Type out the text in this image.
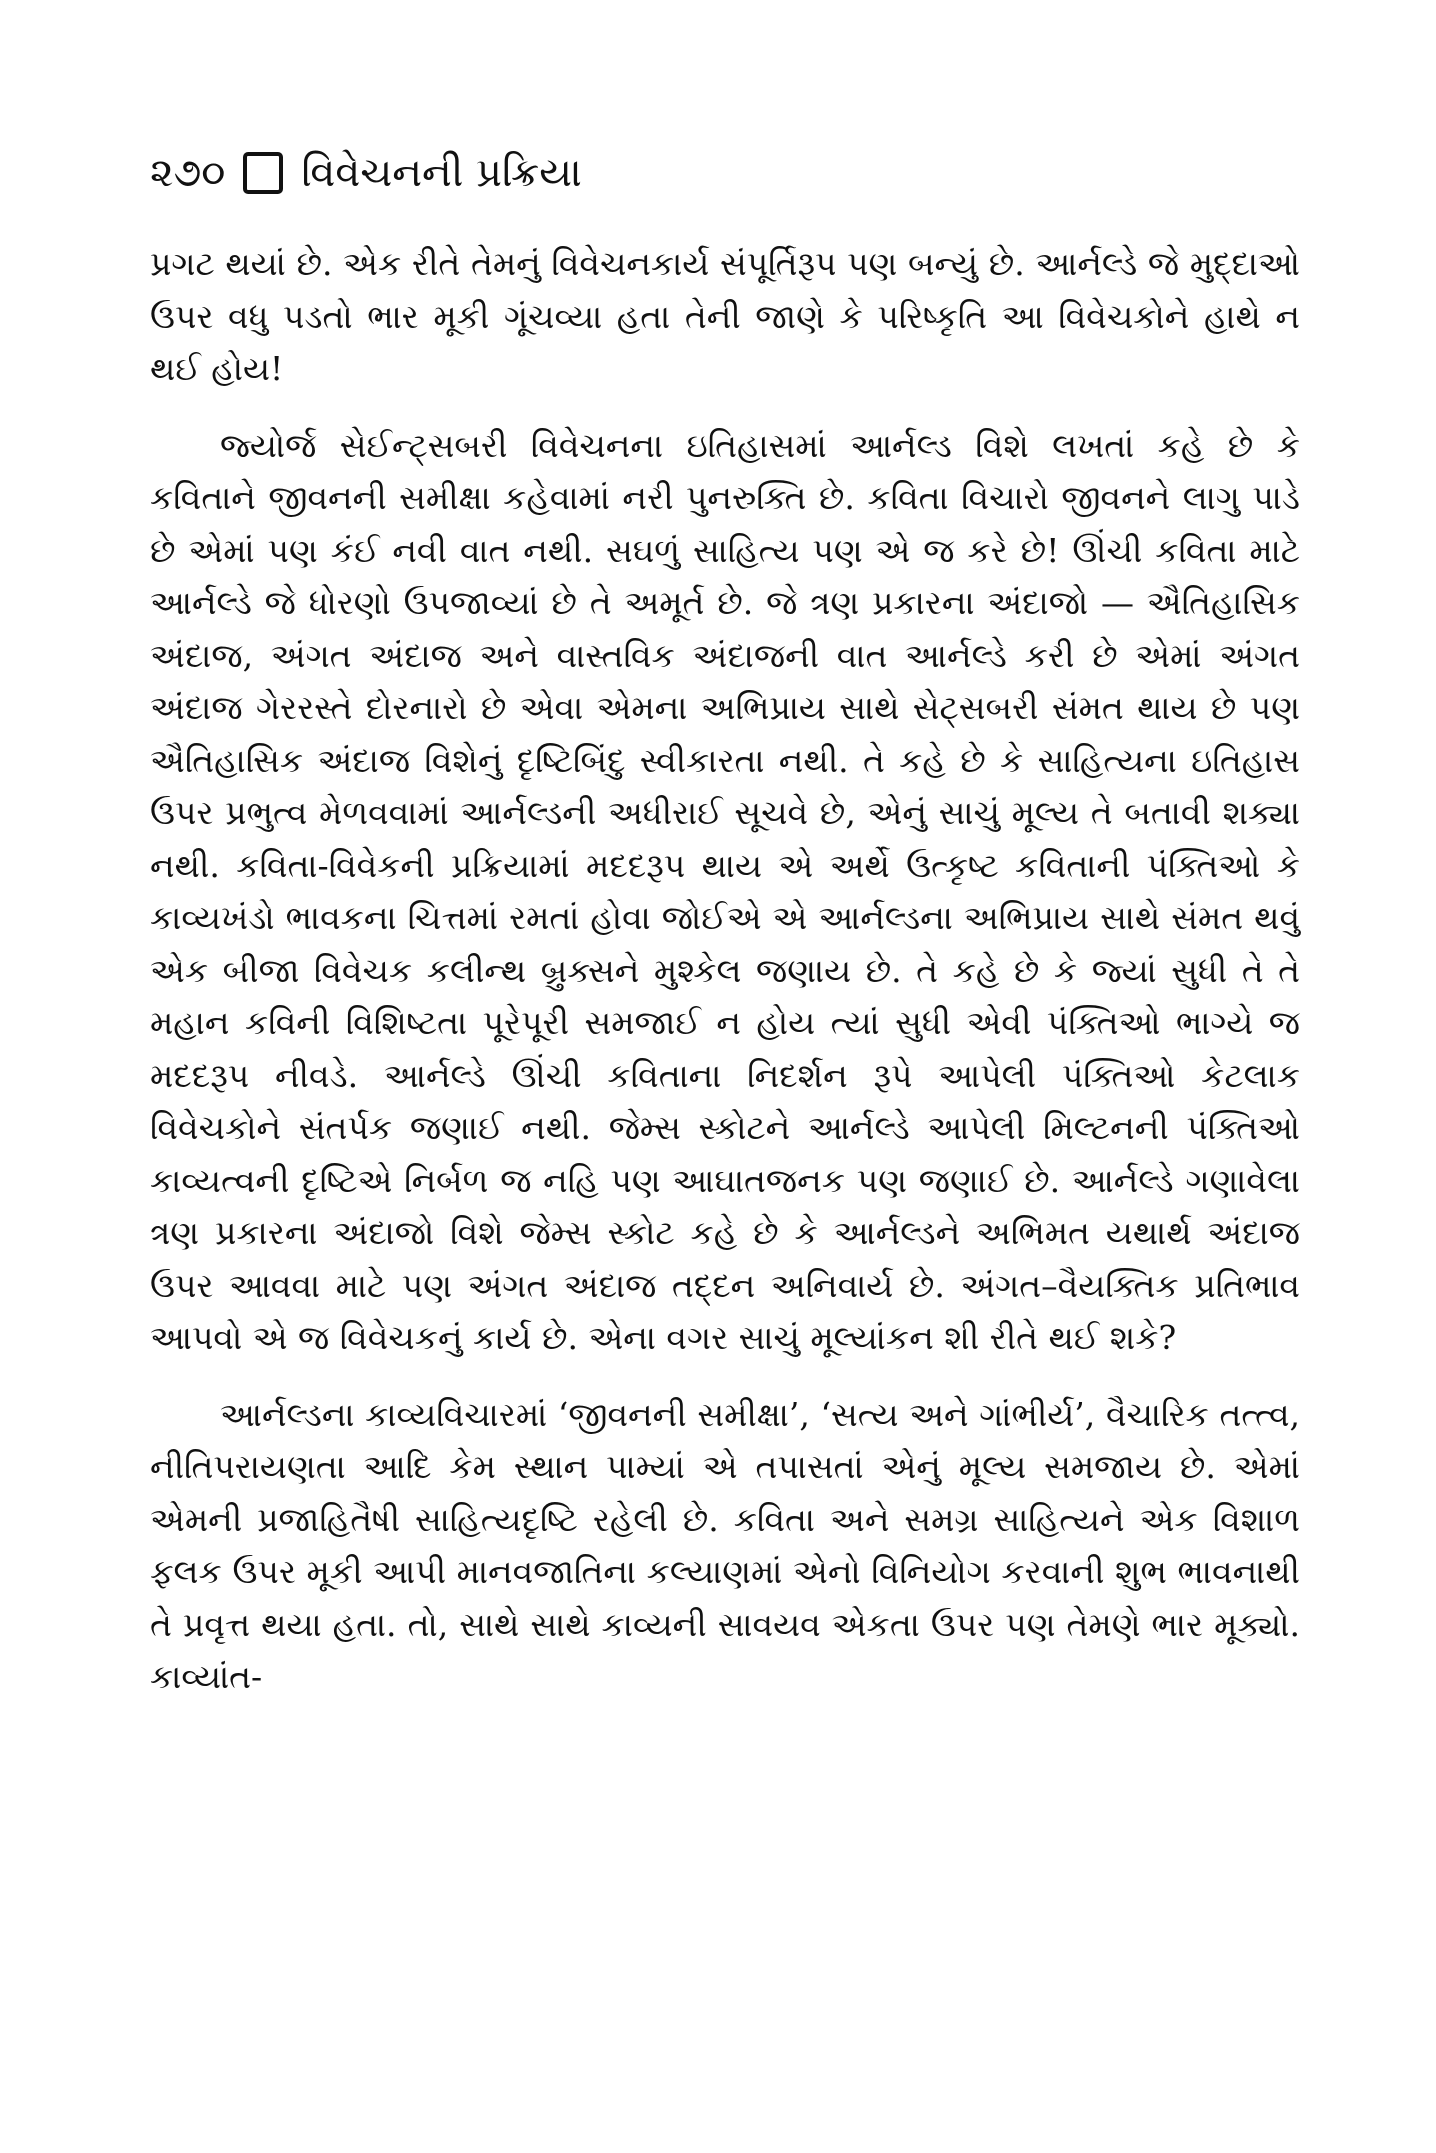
૨૭૦ વિવેચનની પ્રક્રિયા

પ્રગટ થયાં છે. એક રીતે તેમનું વિવેચનકાર્ય સંપૂર્તિરૂપ પણ બન્યું છે. આર્નલ્ડે જે મુદ્દાઓ ઉપર વધુ પડતો ભાર મૂકી ગૂંચવ્યા હતા તેની જાણે કે પરિષ્કૃતિ આ વિવેચકોને હાથે ન થઈ હોય!

જ્યોર્જ સેઈન્ટ્સબરી વિવેચનના ઇતિહાસમાં આર્નલ્ડ વિશે લખતાં કહે છે કે કવિતાને જીવનની સમીક્ષા કહેવામાં નરી પુનરુક્તિ છે. કવિતા વિચારો જીવનને લાગુ પાડે છે એમાં પણ કંઈ નવી વાત નથી. સઘળું સાહિત્ય પણ એ જ કરે છે! ઊંચી કવિતા માટે આર્નલ્ડે જે ધોરણો ઉપજાવ્યાં છે તે અમૂર્ત છે. જે ત્રણ પ્રકારના અંદાજો — ઐતિહાસિક અંદાજ, અંગત અંદાજ અને વાસ્તવિક અંદાજની વાત આર્નલ્ડે કરી છે એમાં અંગત અંદાજ ગેરરસ્તે દોરનારો છે એવા એમના અભિપ્રાય સાથે સેટ્સબરી સંમત થાય છે પણ ઐતિહાસિક અંદાજ વિશેનું દૃષ્ટિબિંદુ સ્વીકારતા નથી. તે કહે છે કે સાહિત્યના ઇતિહાસ ઉપર પ્રભુત્વ મેળવવામાં આર્નલ્ડની અધીરાઈ સૂચવે છે, એનું સાચું મૂલ્ય તે બતાવી શક્યા નથી. કવિતા-વિવેકની પ્રક્રિયામાં મદદરૂપ થાય એ અર્થે ઉત્કૃષ્ટ કવિતાની પંક્તિઓ કે કાવ્યખંડો ભાવકના ચિત્તમાં રમતાં હોવા જોઈએ એ આર્નલ્ડના અભિપ્રાય સાથે સંમત થવું એક બીજા વિવેચક કલીન્થ બ્રુક્સને મુશ્કેલ જણાય છે. તે કહે છે કે જ્યાં સુધી તે તે મહાન કવિની વિશિષ્ટતા પૂરેપૂરી સમજાઈ ન હોય ત્યાં સુધી એવી પંક્તિઓ ભાગ્યે જ મદદરૂપ નીવડે. આર્નલ્ડે ઊંચી કવિતાના નિદર્શન રૂપે આપેલી પંક્તિઓ કેટલાક વિવેચકોને સંતર્પક જણાઈ નથી. જેમ્સ સ્કોટને આર્નલ્ડે આપેલી મિલ્ટનની પંક્તિઓ કાવ્યત્વની દૃષ્ટિએ નિર્બળ જ નહિ પણ આઘાતજનક પણ જણાઈ છે. આર્નલ્ડે ગણાવેલા ત્રણ પ્રકારના અંદાજો વિશે જેમ્સ સ્કોટ કહે છે કે આર્નલ્ડને અભિમત યથાર્થ અંદાજ ઉપર આવવા માટે પણ અંગત અંદાજ તદ્દન અનિવાર્ય છે. અંગત–વૈયક્તિક પ્રતિભાવ આપવો એ જ વિવેચકનું કાર્ય છે. એના વગર સાચું મૂલ્યાંકન શી રીતે થઈ શકે?

આર્નલ્ડના કાવ્યવિચારમાં ‘જીવનની સમીક્ષા’, ‘સત્ય અને ગાંભીર્ય’, વૈચારિક તત્ત્વ, નીતિપરાયણતા આદિ કેમ સ્થાન પામ્યાં એ તપાસતાં એનું મૂલ્ય સમજાય છે. એમાં એમની પ્રજાહિતૈષી સાહિત્યદૃષ્ટિ રહેલી છે. કવિતા અને સમગ્ર સાહિત્યને એક વિશાળ ફલક ઉપર મૂકી આપી માનવજાતિના કલ્યાણમાં એનો વિનિયોગ કરવાની શુભ ભાવનાથી તે પ્રવૃત્ત થયા હતા. તો, સાથે સાથે કાવ્યની સાવયવ એકતા ઉપર પણ તેમણે ભાર મૂક્યો. કાવ્યાંત-
